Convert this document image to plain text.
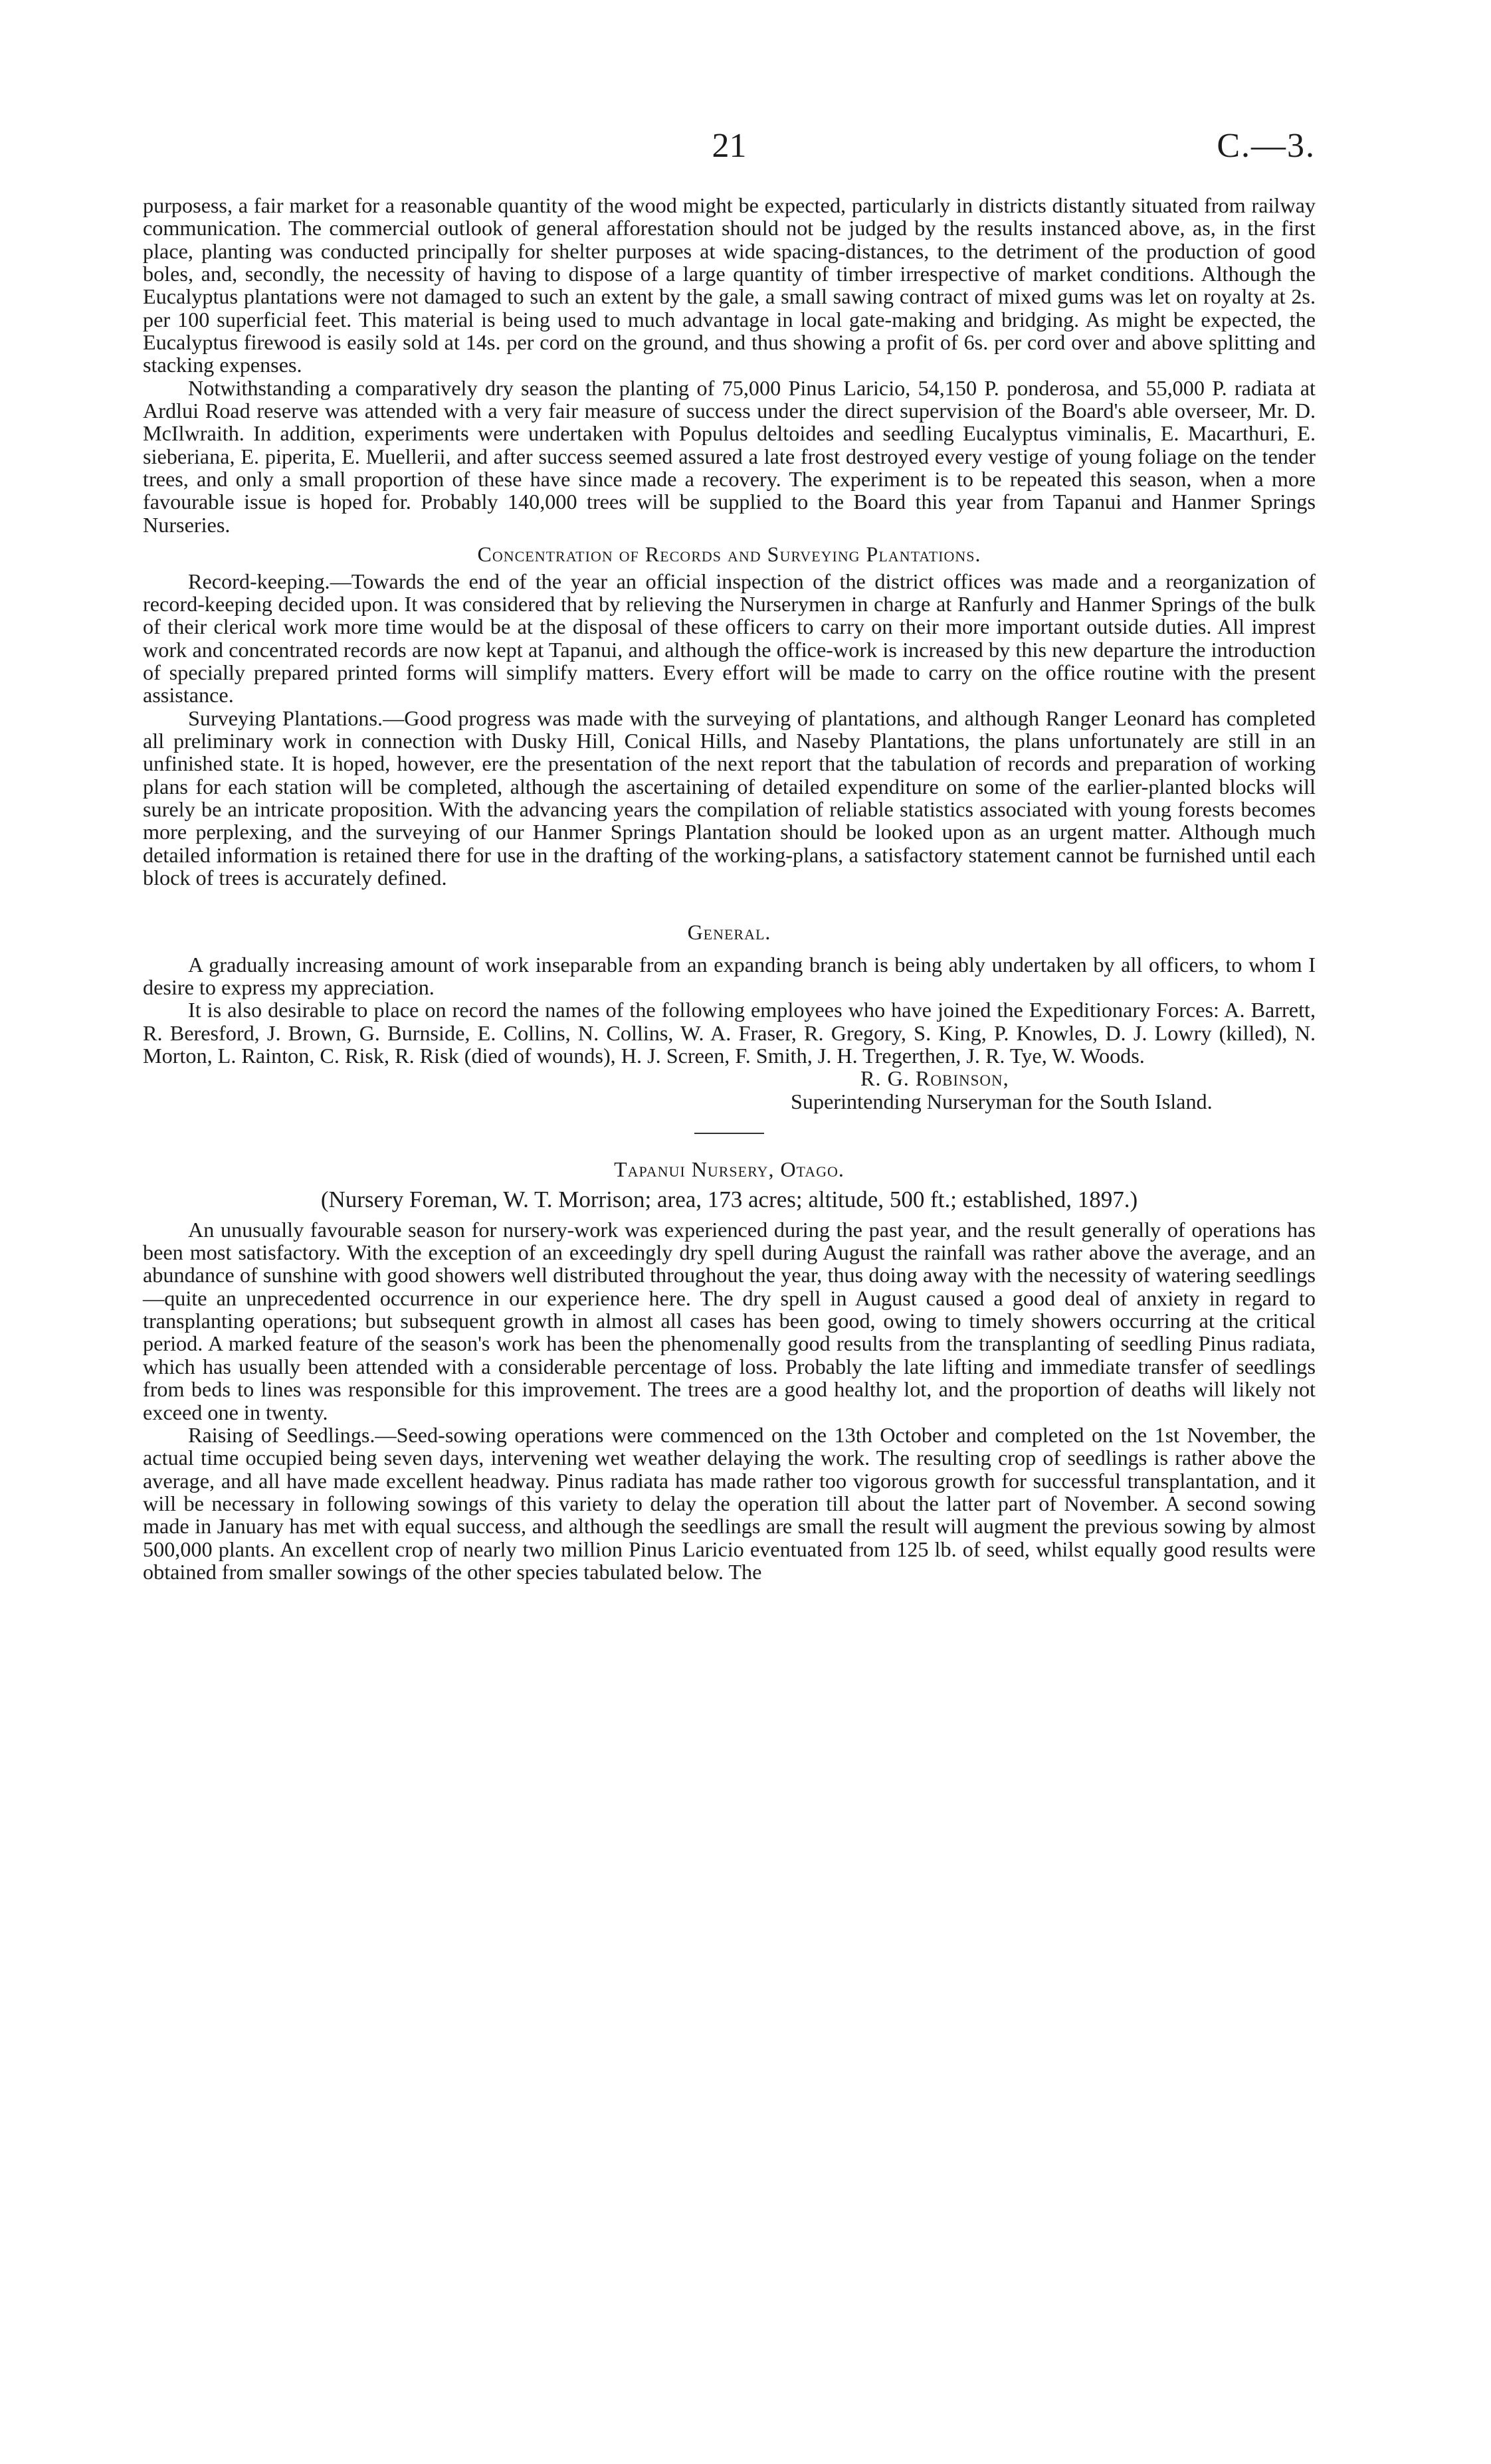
21	C.—3.

purposess, a fair market for a reasonable quantity of the wood might be expected, particularly in districts distantly situated from railway communication. The commercial outlook of general afforestation should not be judged by the results instanced above, as, in the first place, planting was conducted principally for shelter purposes at wide spacing-distances, to the detriment of the production of good boles, and, secondly, the necessity of having to dispose of a large quantity of timber irrespective of market conditions. Although the Eucalyptus plantations were not damaged to such an extent by the gale, a small sawing contract of mixed gums was let on royalty at 2s. per 100 superficial feet. This material is being used to much advantage in local gate-making and bridging. As might be expected, the Eucalyptus firewood is easily sold at 14s. per cord on the ground, and thus showing a profit of 6s. per cord over and above splitting and stacking expenses.

Notwithstanding a comparatively dry season the planting of 75,000 Pinus Laricio, 54,150 P. ponderosa, and 55,000 P. radiata at Ardlui Road reserve was attended with a very fair measure of success under the direct supervision of the Board's able overseer, Mr. D. McIlwraith. In addition, experiments were undertaken with Populus deltoides and seedling Eucalyptus viminalis, E. Macarthuri, E. sieberiana, E. piperita, E. Muellerii, and after success seemed assured a late frost destroyed every vestige of young foliage on the tender trees, and only a small proportion of these have since made a recovery. The experiment is to be repeated this season, when a more favourable issue is hoped for. Probably 140,000 trees will be supplied to the Board this year from Tapanui and Hanmer Springs Nurseries.

Concentration of Records and Surveying Plantations.

Record-keeping.—Towards the end of the year an official inspection of the district offices was made and a reorganization of record-keeping decided upon. It was considered that by relieving the Nurserymen in charge at Ranfurly and Hanmer Springs of the bulk of their clerical work more time would be at the disposal of these officers to carry on their more important outside duties. All imprest work and concentrated records are now kept at Tapanui, and although the office-work is increased by this new departure the introduction of specially prepared printed forms will simplify matters. Every effort will be made to carry on the office routine with the present assistance.

Surveying Plantations.—Good progress was made with the surveying of plantations, and although Ranger Leonard has completed all preliminary work in connection with Dusky Hill, Conical Hills, and Naseby Plantations, the plans unfortunately are still in an unfinished state. It is hoped, however, ere the presentation of the next report that the tabulation of records and preparation of working plans for each station will be completed, although the ascertaining of detailed expenditure on some of the earlier-planted blocks will surely be an intricate proposition. With the advancing years the compilation of reliable statistics associated with young forests becomes more perplexing, and the surveying of our Hanmer Springs Plantation should be looked upon as an urgent matter. Although much detailed information is retained there for use in the drafting of the working-plans, a satisfactory statement cannot be furnished until each block of trees is accurately defined.

General.

A gradually increasing amount of work inseparable from an expanding branch is being ably undertaken by all officers, to whom I desire to express my appreciation.

It is also desirable to place on record the names of the following employees who have joined the Expeditionary Forces: A. Barrett, R. Beresford, J. Brown, G. Burnside, E. Collins, N. Collins, W. A. Fraser, R. Gregory, S. King, P. Knowles, D. J. Lowry (killed), N. Morton, L. Rainton, C. Risk, R. Risk (died of wounds), H. J. Screen, F. Smith, J. H. Tregerthen, J. R. Tye, W. Woods.

R. G. Robinson,

Superintending Nurseryman for the South Island.

Tapanui Nursery, Otago.

(Nursery Foreman, W. T. Morrison; area, 173 acres; altitude, 500 ft.; established, 1897.)

An unusually favourable season for nursery-work was experienced during the past year, and the result generally of operations has been most satisfactory. With the exception of an exceedingly dry spell during August the rainfall was rather above the average, and an abundance of sunshine with good showers well distributed throughout the year, thus doing away with the necessity of watering seedlings—quite an unprecedented occurrence in our experience here. The dry spell in August caused a good deal of anxiety in regard to transplanting operations; but subsequent growth in almost all cases has been good, owing to timely showers occurring at the critical period. A marked feature of the season's work has been the phenomenally good results from the transplanting of seedling Pinus radiata, which has usually been attended with a considerable percentage of loss. Probably the late lifting and immediate transfer of seedlings from beds to lines was responsible for this improvement. The trees are a good healthy lot, and the proportion of deaths will likely not exceed one in twenty.

Raising of Seedlings.—Seed-sowing operations were commenced on the 13th October and completed on the 1st November, the actual time occupied being seven days, intervening wet weather delaying the work. The resulting crop of seedlings is rather above the average, and all have made excellent headway. Pinus radiata has made rather too vigorous growth for successful transplantation, and it will be necessary in following sowings of this variety to delay the operation till about the latter part of November. A second sowing made in January has met with equal success, and although the seedlings are small the result will augment the previous sowing by almost 500,000 plants. An excellent crop of nearly two million Pinus Laricio eventuated from 125 lb. of seed, whilst equally good results were obtained from smaller sowings of the other species tabulated below. The
